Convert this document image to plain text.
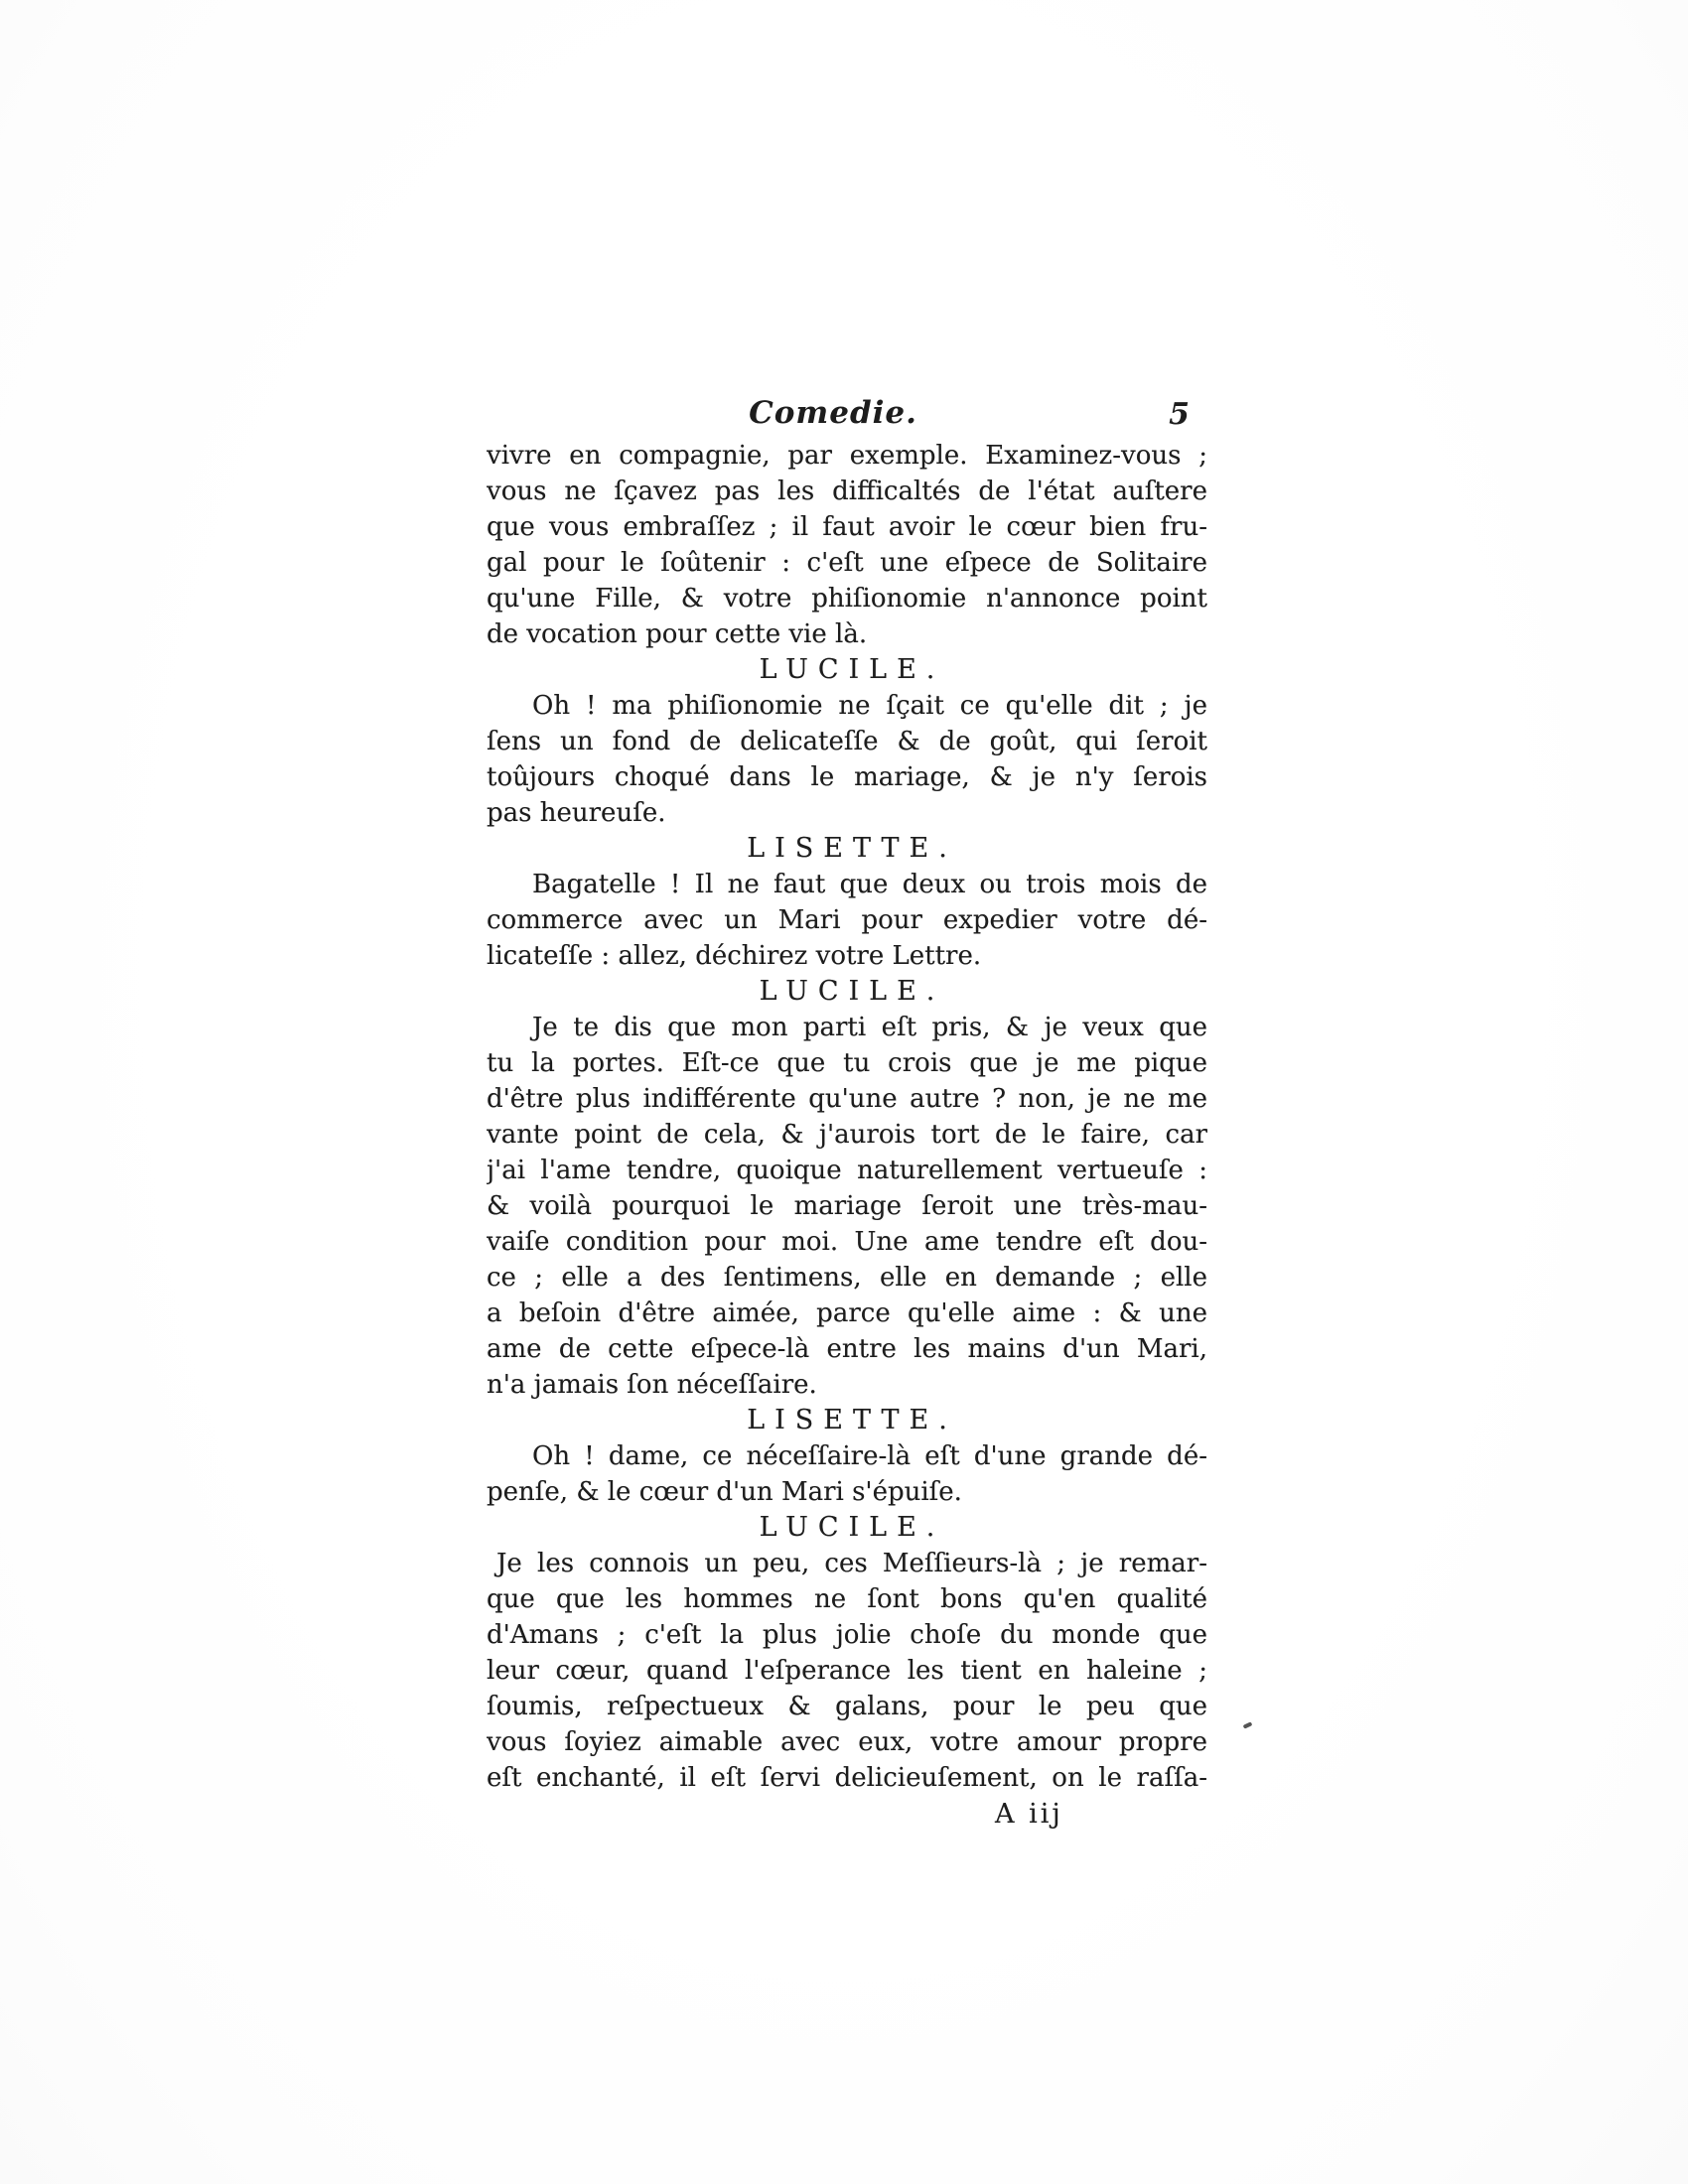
Comedie.	5
vivre en compagnie, par exemple. Examinez-vous ;
vous ne ſçavez pas les difficaltés de l'état auſtere
que vous embraſſez ; il faut avoir le cœur bien fru-
gal pour le ſoûtenir : c'eſt une eſpece de Solitaire
qu'une Fille, & votre phiſionomie n'annonce point
de vocation pour cette vie là.
LUCILE.
Oh ! ma phiſionomie ne ſçait ce qu'elle dit ; je
ſens un fond de delicateſſe & de goût, qui ſeroit
toûjours choqué dans le mariage, & je n'y ſerois
pas heureuſe.
LISETTE.
Bagatelle ! Il ne faut que deux ou trois mois de
commerce avec un Mari pour expedier votre dé-
licateſſe : allez, déchirez votre Lettre.
LUCILE.
Je te dis que mon parti eſt pris, & je veux que
tu la portes. Eſt-ce que tu crois que je me pique
d'être plus indifférente qu'une autre ? non, je ne me
vante point de cela, & j'aurois tort de le faire, car
j'ai l'ame tendre, quoique naturellement vertueuſe :
& voilà pourquoi le mariage ſeroit une très-mau-
vaiſe condition pour moi. Une ame tendre eſt dou-
ce ; elle a des ſentimens, elle en demande ; elle
a beſoin d'être aimée, parce qu'elle aime : & une
ame de cette eſpece-là entre les mains d'un Mari,
n'a jamais ſon néceſſaire.
LISETTE.
Oh ! dame, ce néceſſaire-là eſt d'une grande dé-
penſe, & le cœur d'un Mari s'épuiſe.
LUCILE.
Je les connois un peu, ces Meſſieurs-là ; je remar-
que que les hommes ne ſont bons qu'en qualité
d'Amans ; c'eſt la plus jolie choſe du monde que
leur cœur, quand l'eſperance les tient en haleine ;
ſoumis, reſpectueux & galans, pour le peu que
vous ſoyiez aimable avec eux, votre amour propre
eſt enchanté, il eſt ſervi delicieuſement, on le raſſa-
A iij
